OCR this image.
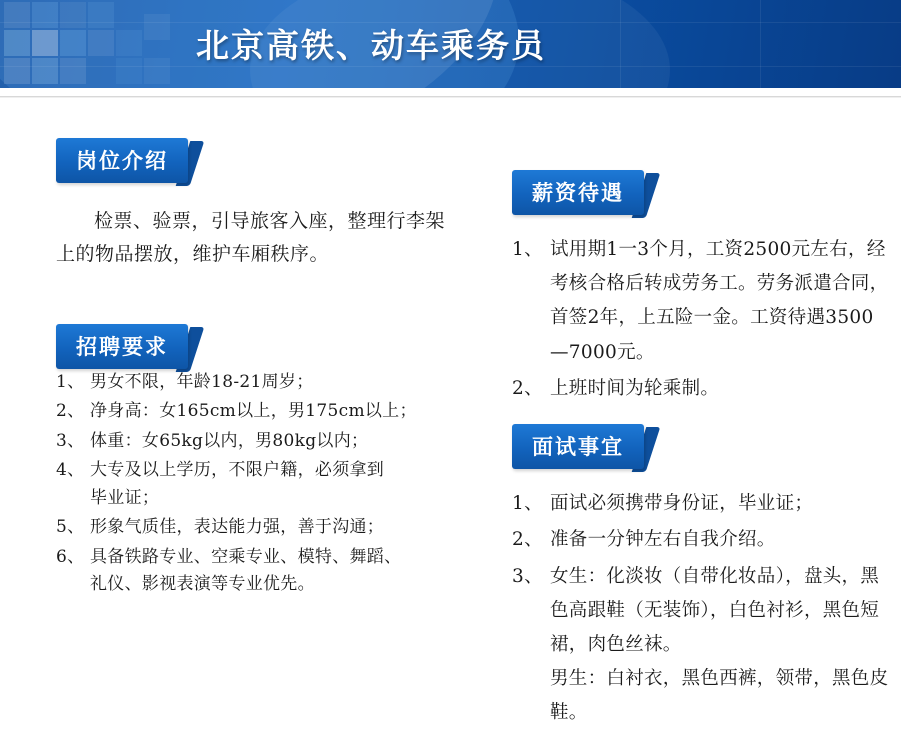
北京高铁、动车乘务员
岗位介绍
检票、验票，引导旅客入座，整理行李架上的物品摆放，维护车厢秩序。
招聘要求
1、 男女不限，年龄18-21周岁；
2、 净身高：女165cm以上，男175cm以上；
3、 体重：女65kg以内，男80kg以内；
4、 大专及以上学历，不限户籍，必须拿到
毕业证；
5、 形象气质佳，表达能力强，善于沟通；
6、 具备铁路专业、空乘专业、模特、舞蹈、
礼仪、影视表演等专业优先。
薪资待遇
1、 试用期1一3个月，工资2500元左右，经考核合格后转成劳务工。劳务派遣合同，首签2年，上五险一金。工资待遇3500—7000元。
2、 上班时间为轮乘制。
面试事宜
1、 面试必须携带身份证，毕业证；
2、 准备一分钟左右自我介绍。
3、 女生：化淡妆（自带化妆品），盘头，黑色高跟鞋（无装饰），白色衬衫，黑色短裙，肉色丝袜。
男生：白衬衣，黑色西裤，领带，黑色皮鞋。
